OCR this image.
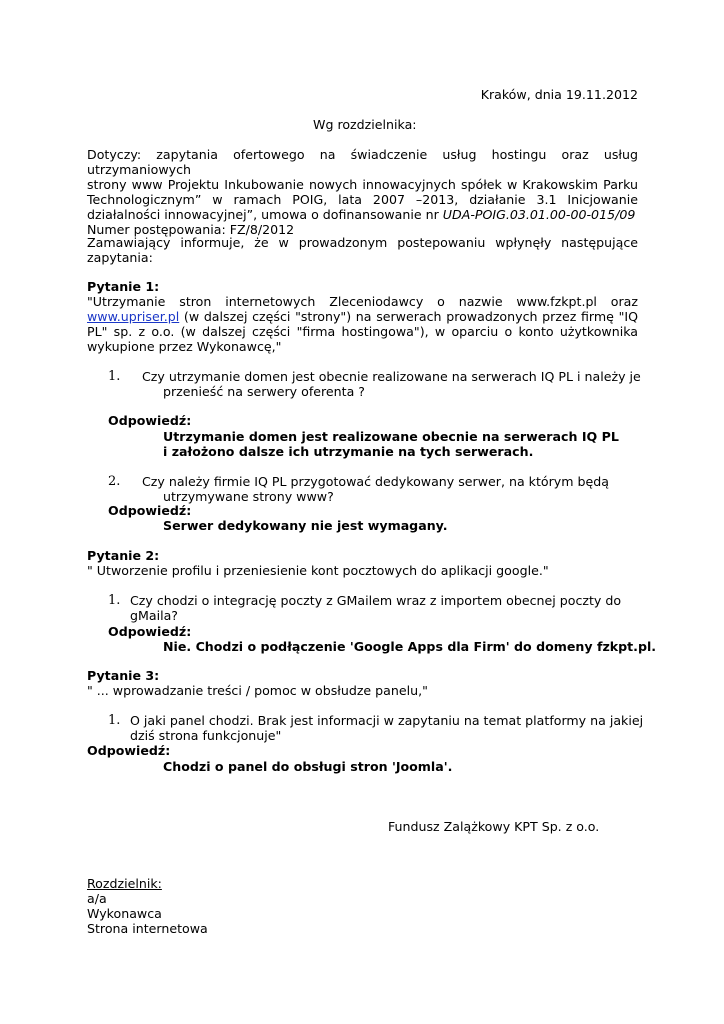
Kraków, dnia 19.11.2012
Wg rozdzielnika:
Dotyczy: zapytania ofertowego na świadczenie usług hostingu oraz usług utrzymaniowych
strony www Projektu Inkubowanie nowych innowacyjnych spółek w Krakowskim Parku
Technologicznym” w ramach POIG, lata 2007 –2013, działanie 3.1 Inicjowanie
działalności innowacyjnej”, umowa o dofinansowanie nr UDA-POIG.03.01.00-00-015/09
Numer postępowania: FZ/8/2012
Zamawiający informuje, że w prowadzonym postepowaniu wpłynęły następujące
zapytania:
Pytanie 1:
"Utrzymanie stron internetowych Zleceniodawcy o nazwie www.fzkpt.pl oraz
www.upriser.pl (w dalszej części "strony") na serwerach prowadzonych przez firmę "IQ
PL" sp. z o.o. (w dalszej części "firma hostingowa"), w oparciu o konto użytkownika
wykupione przez Wykonawcę,"
1. Czy utrzymanie domen jest obecnie realizowane na serwerach IQ PL i należy je
przenieść na serwery oferenta ?
Odpowiedź:
Utrzymanie domen jest realizowane obecnie na serwerach IQ PL
i założono dalsze ich utrzymanie na tych serwerach.
2. Czy należy firmie IQ PL przygotować dedykowany serwer, na którym będą
utrzymywane strony www?
Odpowiedź:
Serwer dedykowany nie jest wymagany.
Pytanie 2:
" Utworzenie profilu i przeniesienie kont pocztowych do aplikacji google."
1. Czy chodzi o integrację poczty z GMailem wraz z importem obecnej poczty do
gMaila?
Odpowiedź:
Nie. Chodzi o podłączenie 'Google Apps dla Firm' do domeny fzkpt.pl.
Pytanie 3:
" ... wprowadzanie treści / pomoc w obsłudze panelu,"
1. O jaki panel chodzi. Brak jest informacji w zapytaniu na temat platformy na jakiej
dziś strona funkcjonuje"
Odpowiedź:
Chodzi o panel do obsługi stron 'Joomla'.
Fundusz Zalążkowy KPT Sp. z o.o.
Rozdzielnik:
a/a
Wykonawca
Strona internetowa
